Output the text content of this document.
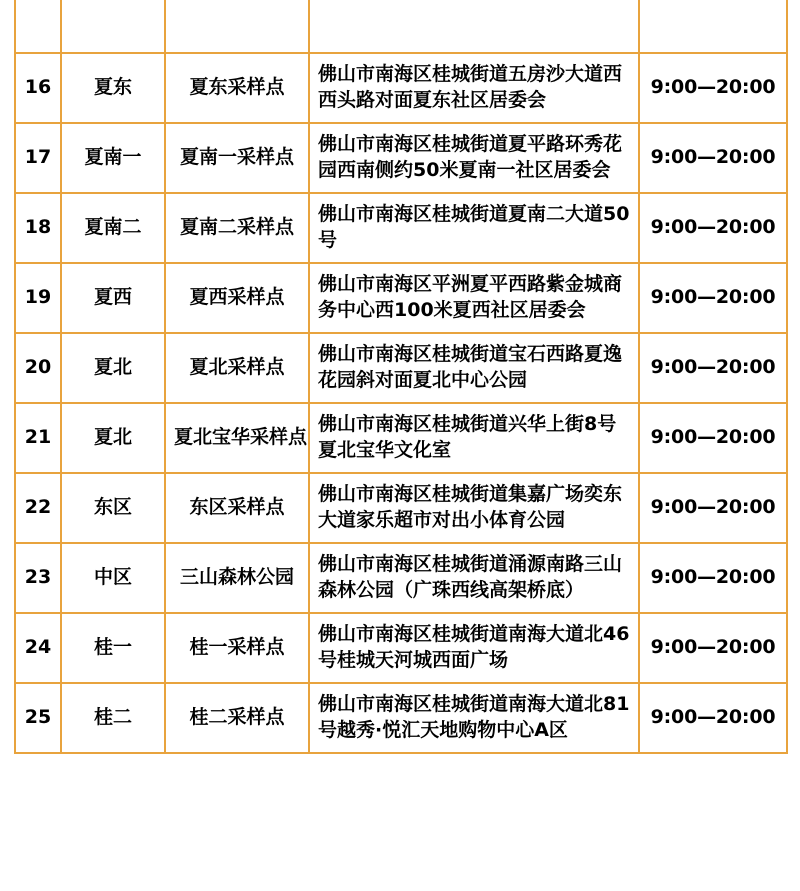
16	夏东	夏东采样点	佛山市南海区桂城街道五房沙大道西西头路对面夏东社区居委会	9:00—20:00
17	夏南一	夏南一采样点	佛山市南海区桂城街道夏平路环秀花园西南侧约50米夏南一社区居委会	9:00—20:00
18	夏南二	夏南二采样点	佛山市南海区桂城街道夏南二大道50号	9:00—20:00
19	夏西	夏西采样点	佛山市南海区平洲夏平西路紫金城商务中心西100米夏西社区居委会	9:00—20:00
20	夏北	夏北采样点	佛山市南海区桂城街道宝石西路夏逸花园斜对面夏北中心公园	9:00—20:00
21	夏北	夏北宝华采样点	佛山市南海区桂城街道兴华上街8号夏北宝华文化室	9:00—20:00
22	东区	东区采样点	佛山市南海区桂城街道集嘉广场奕东大道家乐超市对出小体育公园	9:00—20:00
23	中区	三山森林公园	佛山市南海区桂城街道涌源南路三山森林公园（广珠西线高架桥底）	9:00—20:00
24	桂一	桂一采样点	佛山市南海区桂城街道南海大道北46号桂城天河城西面广场	9:00—20:00
25	桂二	桂二采样点	佛山市南海区桂城街道南海大道北81号越秀·悦汇天地购物中心A区	9:00—20:00
